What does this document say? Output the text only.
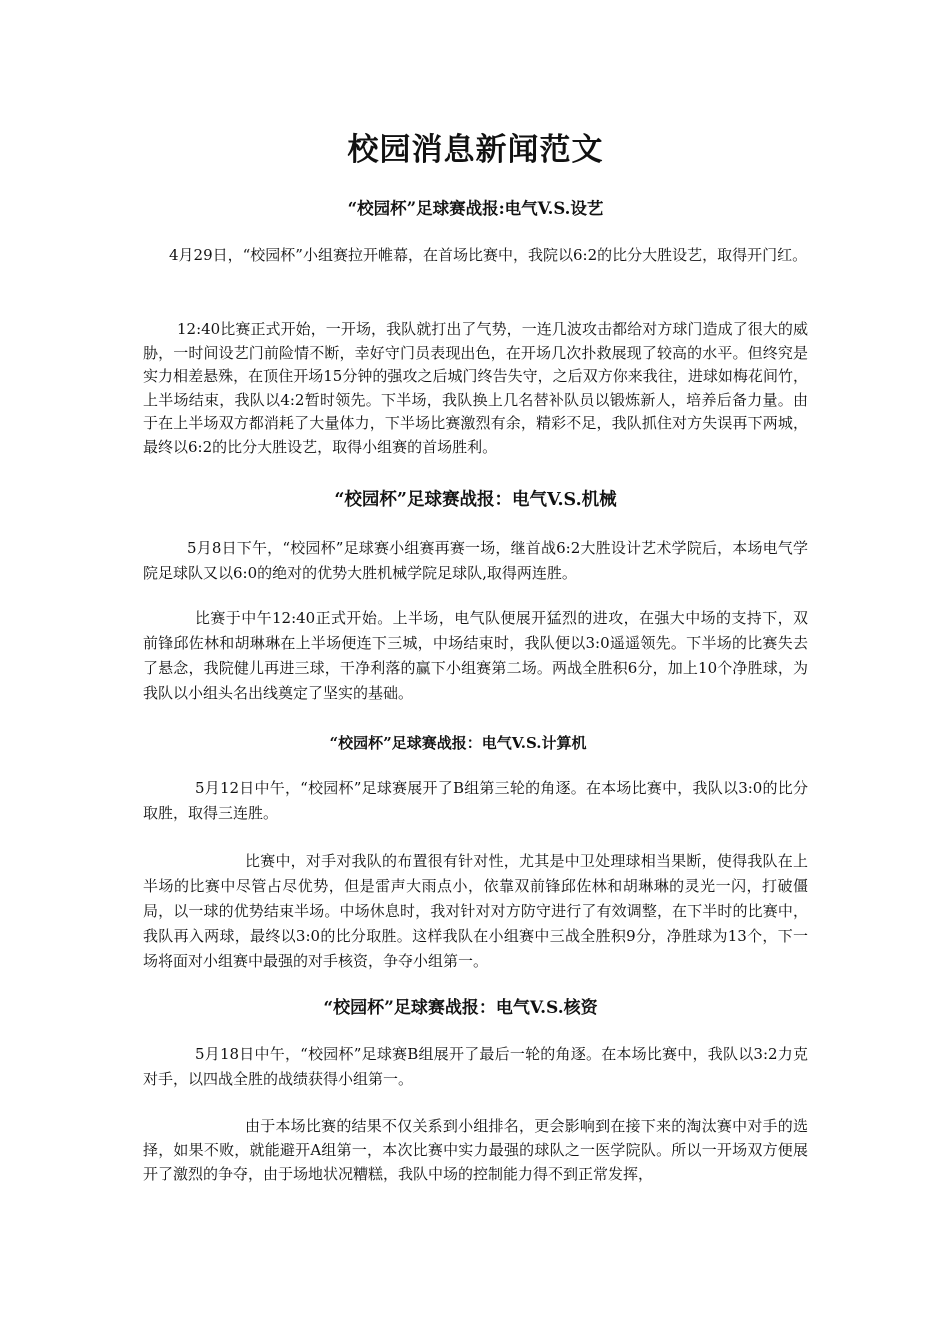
校园消息新闻范文
“校园杯”足球赛战报:电气V.S.设艺
4月29日，“校园杯”小组赛拉开帷幕，在首场比赛中，我院以6:2的比分大胜设艺，取得开门红。
12:40比赛正式开始，一开场，我队就打出了气势，一连几波攻击都给对方球门造成了很大的威胁，一时间设艺门前险情不断，幸好守门员表现出色，在开场几次扑救展现了较高的水平。但终究是实力相差悬殊，在顶住开场15分钟的强攻之后城门终告失守，之后双方你来我往，进球如梅花间竹，上半场结束，我队以4:2暂时领先。下半场，我队换上几名替补队员以锻炼新人，培养后备力量。由于在上半场双方都消耗了大量体力，下半场比赛激烈有余，精彩不足，我队抓住对方失误再下两城，最终以6:2的比分大胜设艺，取得小组赛的首场胜利。
“校园杯”足球赛战报：电气V.S.机械
5月8日下午，“校园杯”足球赛小组赛再赛一场，继首战6:2大胜设计艺术学院后，本场电气学院足球队又以6:0的绝对的优势大胜机械学院足球队,取得两连胜。
比赛于中午12:40正式开始。上半场，电气队便展开猛烈的进攻，在强大中场的支持下，双前锋邱佐林和胡琳琳在上半场便连下三城，中场结束时，我队便以3:0遥遥领先。下半场的比赛失去了悬念，我院健儿再进三球，干净利落的赢下小组赛第二场。两战全胜积6分，加上10个净胜球，为我队以小组头名出线奠定了坚实的基础。
“校园杯”足球赛战报：电气V.S.计算机
5月12日中午，“校园杯”足球赛展开了B组第三轮的角逐。在本场比赛中，我队以3:0的比分取胜，取得三连胜。
比赛中，对手对我队的布置很有针对性，尤其是中卫处理球相当果断，使得我队在上半场的比赛中尽管占尽优势，但是雷声大雨点小，依靠双前锋邱佐林和胡琳琳的灵光一闪，打破僵局，以一球的优势结束半场。中场休息时，我对针对对方防守进行了有效调整，在下半时的比赛中，我队再入两球，最终以3:0的比分取胜。这样我队在小组赛中三战全胜积9分，净胜球为13个，下一场将面对小组赛中最强的对手核资，争夺小组第一。
“校园杯”足球赛战报：电气V.S.核资
5月18日中午，“校园杯”足球赛B组展开了最后一轮的角逐。在本场比赛中，我队以3:2力克对手，以四战全胜的战绩获得小组第一。
由于本场比赛的结果不仅关系到小组排名，更会影响到在接下来的淘汰赛中对手的选择，如果不败，就能避开A组第一，本次比赛中实力最强的球队之一医学院队。所以一开场双方便展开了激烈的争夺，由于场地状况糟糕，我队中场的控制能力得不到正常发挥，
